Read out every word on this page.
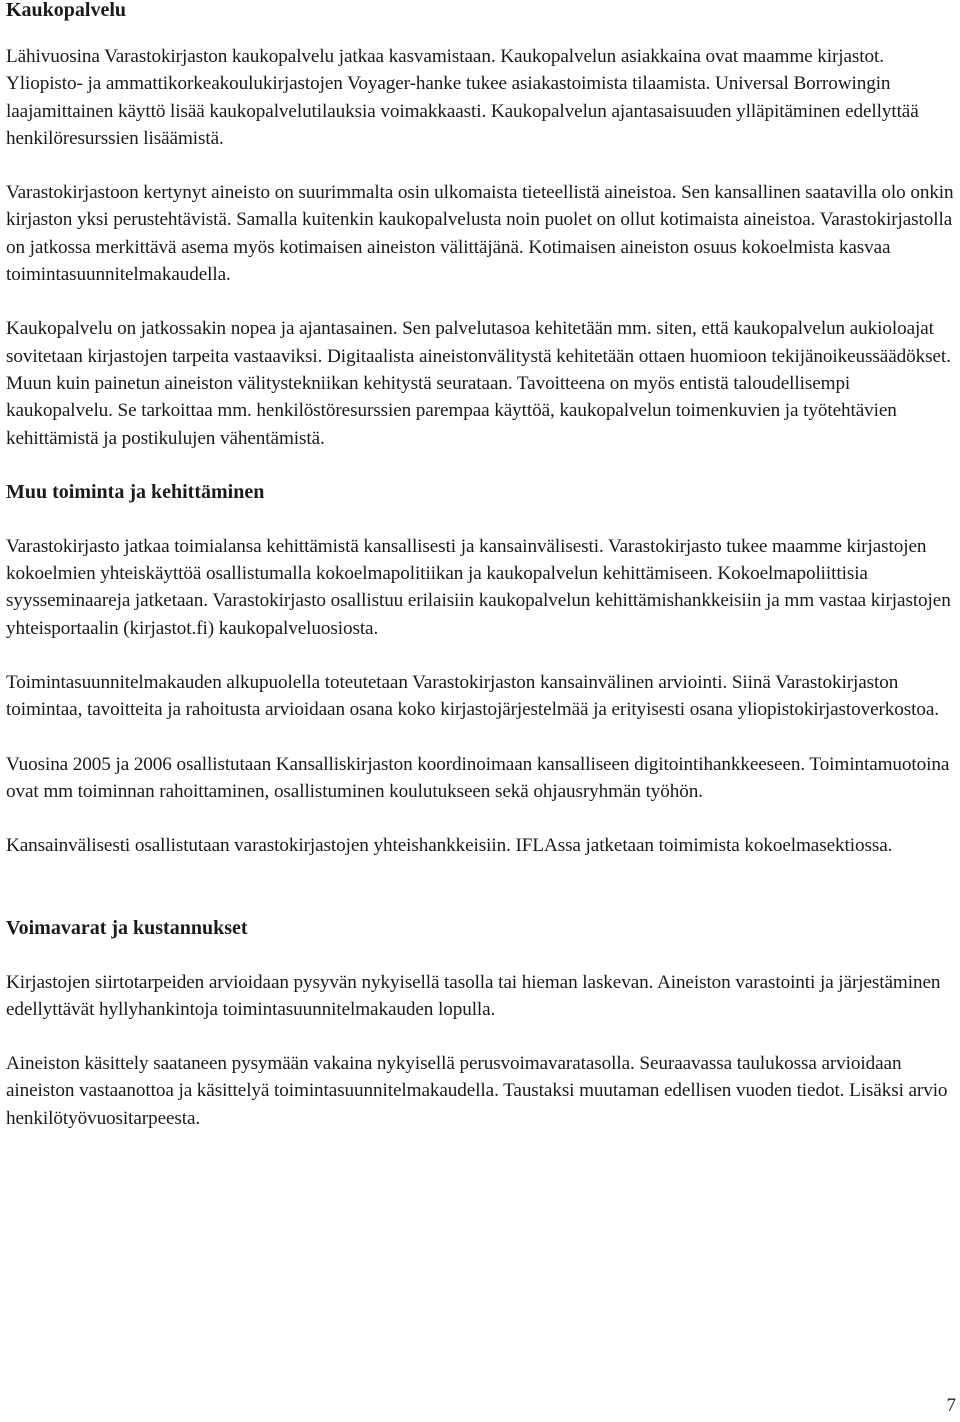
Kaukopalvelu

Lähivuosina Varastokirjaston kaukopalvelu jatkaa kasvamistaan. Kaukopalvelun asiakkaina ovat maamme kirjastot. Yliopisto- ja ammattikorkeakoulukirjastojen Voyager-hanke tukee asiakastoimista tilaamista. Universal Borrowingin laajamittainen käyttö lisää kaukopalvelutilauksia voimakkaasti. Kaukopalvelun ajantasaisuuden ylläpitäminen edellyttää henkilöresurssien lisäämistä.

Varastokirjastoon kertynyt aineisto on suurimmalta osin ulkomaista tieteellistä aineistoa. Sen kansallinen saatavilla olo onkin kirjaston yksi perustehtävistä. Samalla kuitenkin kaukopalvelusta noin puolet on ollut kotimaista aineistoa. Varastokirjastolla on jatkossa merkittävä asema myös kotimaisen aineiston välittäjänä. Kotimaisen aineiston osuus kokoelmista kasvaa toimintasuunnitelmakaudella.

Kaukopalvelu on jatkossakin nopea ja ajantasainen. Sen palvelutasoa kehitetään mm. siten, että kaukopalvelun aukioloajat sovitetaan kirjastojen tarpeita vastaaviksi. Digitaalista aineistonvälitystä kehitetään ottaen huomioon tekijänoikeussäädökset. Muun kuin painetun aineiston välitystekniikan kehitystä seurataan. Tavoitteena on myös entistä taloudellisempi kaukopalvelu. Se tarkoittaa mm. henkilöstöresurssien parempaa käyttöä, kaukopalvelun toimenkuvien ja työtehtävien kehittämistä ja postikulujen vähentämistä.

Muu toiminta ja kehittäminen

Varastokirjasto jatkaa toimialansa kehittämistä kansallisesti ja kansainvälisesti. Varastokirjasto tukee maamme kirjastojen kokoelmien yhteiskäyttöä osallistumalla kokoelmapolitiikan ja kaukopalvelun kehittämiseen. Kokoelmapoliittisia syysseminaareja jatketaan. Varastokirjasto osallistuu erilaisiin kaukopalvelun kehittämishankkeisiin ja mm vastaa kirjastojen yhteisportaalin (kirjastot.fi) kaukopalveluosiosta.

Toimintasuunnitelmakauden alkupuolella toteutetaan Varastokirjaston kansainvälinen arviointi. Siinä Varastokirjaston toimintaa, tavoitteita ja rahoitusta arvioidaan osana koko kirjastojärjestelmää ja erityisesti osana yliopistokirjastoverkostoa.

Vuosina 2005 ja 2006 osallistutaan Kansalliskirjaston koordinoimaan kansalliseen digitointihankkeeseen. Toimintamuotoina ovat mm toiminnan rahoittaminen, osallistuminen koulutukseen sekä ohjausryhmän työhön.

Kansainvälisesti osallistutaan varastokirjastojen yhteishankkeisiin. IFLAssa jatketaan toimimista kokoelmasektiossa.

Voimavarat ja kustannukset

Kirjastojen siirtotarpeiden arvioidaan pysyvän nykyisellä tasolla tai hieman laskevan. Aineiston varastointi ja järjestäminen edellyttävät hyllyhankintoja toimintasuunnitelmakauden lopulla.

Aineiston käsittely saataneen pysymään vakaina nykyisellä perusvoimavaratasolla. Seuraavassa taulukossa arvioidaan aineiston vastaanottoa ja käsittelyä toimintasuunnitelmakaudella. Taustaksi muutaman edellisen vuoden tiedot. Lisäksi arvio henkilötyövuositarpeesta.

7
